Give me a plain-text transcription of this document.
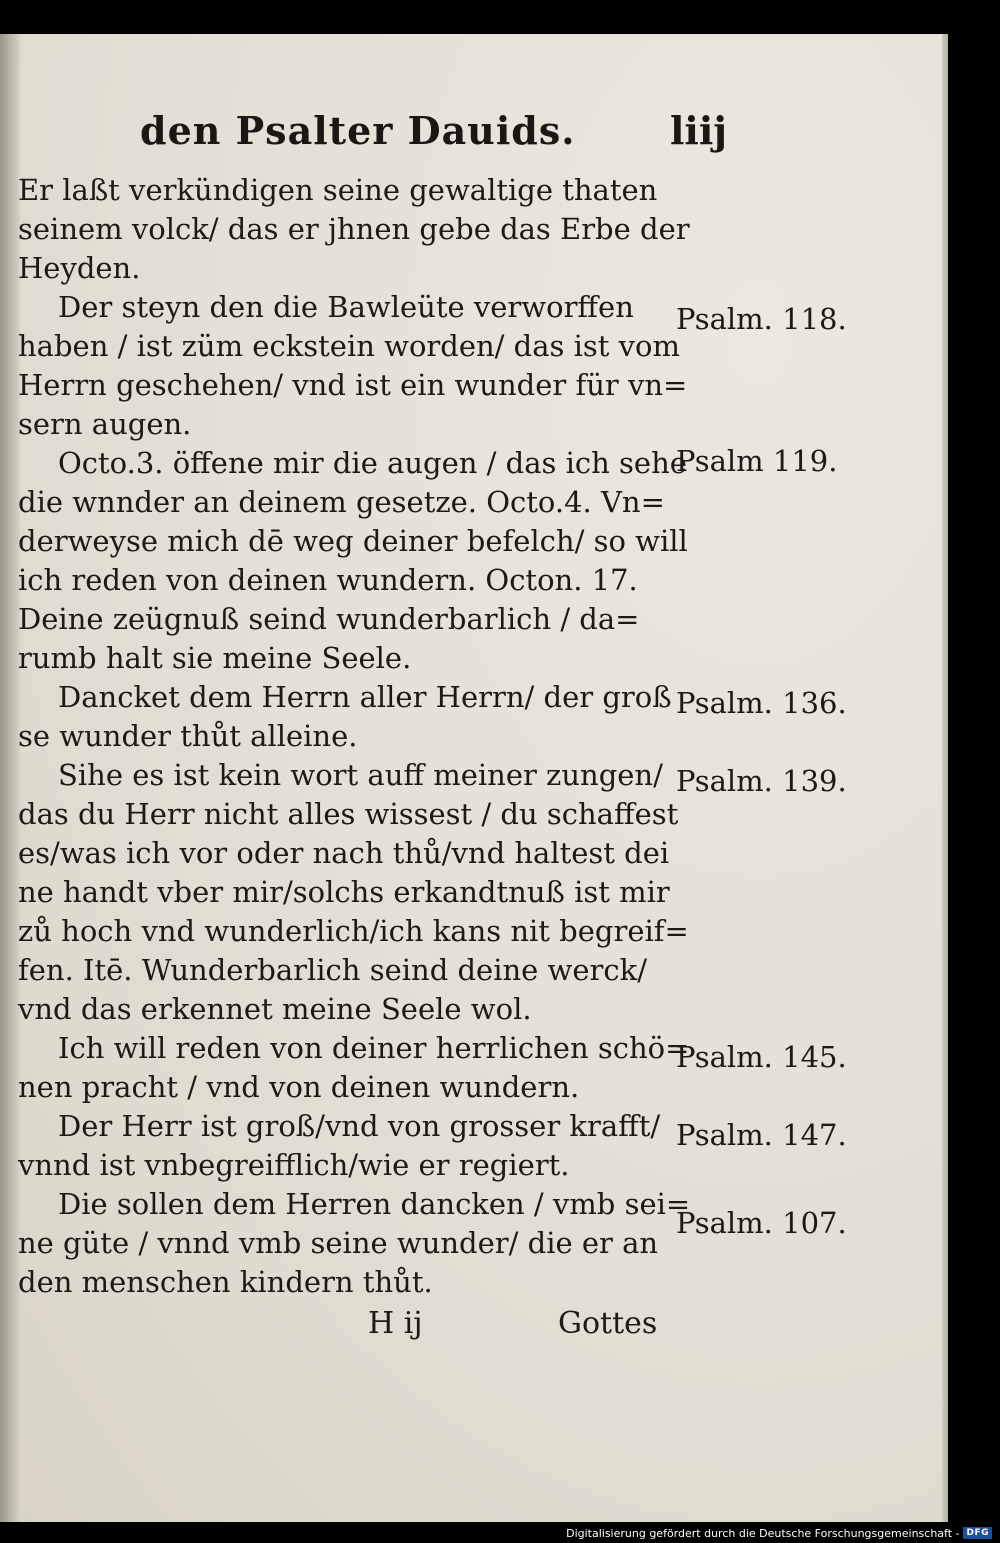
den Psalter Dauids. liij
Er laßt verkündigen seine gewaltige thaten
seinem volck/ das er jhnen gebe das Erbe der
Heyden.
Der steyn den die Bawleüte verworffen
haben / ist züm eckstein worden/ das ist vom
Herrn geschehen/ vnd ist ein wunder für vn=
sern augen.
Octo.3. öffene mir die augen / das ich sehe
die wnnder an deinem gesetze. Octo.4. Vn=
derweyse mich dē weg deiner befelch/ so will
ich reden von deinen wundern. Octon. 17.
Deine zeügnuß seind wunderbarlich / da=
rumb halt sie meine Seele.
Dancket dem Herrn aller Herrn/ der groß
se wunder thůt alleine.
Sihe es ist kein wort auff meiner zungen/
das du Herr nicht alles wissest / du schaffest
es/was ich vor oder nach thů/vnd haltest dei
ne handt vber mir/solchs erkandtnuß ist mir
zů hoch vnd wunderlich/ich kans nit begreif=
fen. Itē. Wunderbarlich seind deine werck/
vnd das erkennet meine Seele wol.
Ich will reden von deiner herrlichen schö=
nen pracht / vnd von deinen wundern.
Der Herr ist groß/vnd von grosser krafft/
vnnd ist vnbegreifflich/wie er regiert.
Die sollen dem Herren dancken / vmb sei=
ne güte / vnnd vmb seine wunder/ die er an
den menschen kindern thůt.
Psalm. 118.
Psalm 119.
Psalm. 136.
Psalm. 139.
Psalm. 145.
Psalm. 147.
Psalm. 107.
H ij	Gottes
Digitalisierung gefördert durch die Deutsche Forschungsgemeinschaft - DFG
